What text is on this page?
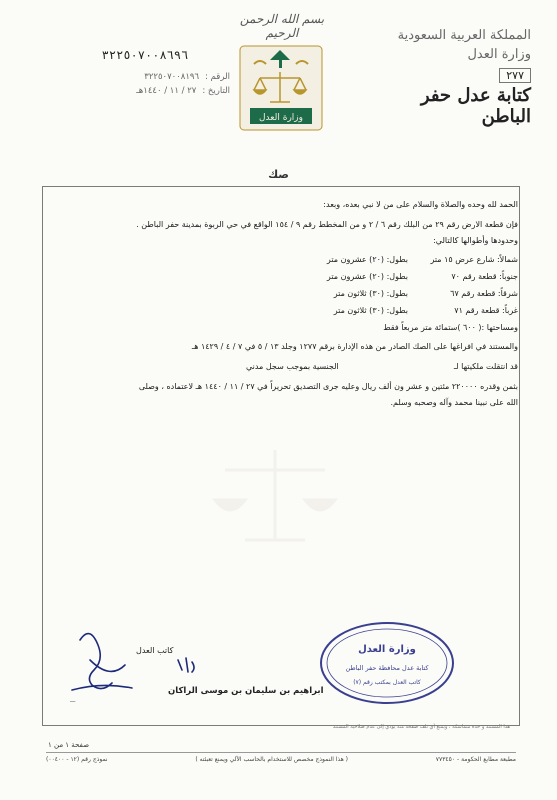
بسم الله الرحمن الرحيم	المملكة العربية السعودية
وزارة العدل
٢٧٧
كتابة عدل حفر الباطن
وزارة العدل
٣٢٢٥٠٧٠٠٨٦٩٦
الرقم :
٣٢٢٥٠٧٠٠٨١٩٦
التاريخ :
٢٧ / ١١ / ١٤٤٠هـ
صك

الحمد لله وحده والصلاة والسلام على من لا نبي بعده، وبعد:

فإن قطعة الارض رقم ٢٩ من البلك رقم ٦ / ٢ و من المخطط رقم ٩ / ١٥٤ الواقع في حي الربوة بمدينة حفر الباطن .

وحدودها وأطوالها كالتالي:

شمالاً: شارع عرض ١٥ متر
بطول: (٢٠) عشرون متر
جنوباً: قطعة رقم ٧٠
بطول: (٢٠) عشرون متر
شرقاً: قطعة رقم ٦٧
بطول: (٣٠) ثلاثون متر
غرباً: قطعة رقم ٧١
بطول: (٣٠) ثلاثون متر

ومساحتها :( ٦٠٠ )ستمائة متر مربعاً فقط

والمستند في افراغها على الصك الصادر من هذه الإدارة برقم ١٢٧٧ وجلد ١٣ / ٥ في ٧ / ٤ / ١٤٢٩ هـ

قد انتقلت ملكيتها لـ  الجنسية بموجب سجل مدني

بثمن وقدره ٢٢٠٠٠٠ مئتين و عشر ون ألف ريال وعليه جرى التصديق تحريراً في ٢٧ / ١١ / ١٤٤٠ هـ لاعتماده ، وصلى

الله على نبينا محمد وآله وصحبه وسلم.

ـــ
كاتب العدل
ابراهيم بن سليمان بن موسى الراكان
وزارة العدل
كتابة عدل محافظة حفر الباطن
كاتب العدل بمكتب رقم (٧)
هذا المستند و حدة متماسكة ، ويمنع أي تلف صفحة منه يؤدي إلى عدم صلاحية المستند
صفحة ١ من ١
مطبعة مطابع الحكومة - ٧٧٣٤٥٠
( هذا النموذج مخصص للاستخدام بالحاسب الآلي ويمنع تعبئته )
نموذج رقم (١٢ - ٠٠٤٠٠)
